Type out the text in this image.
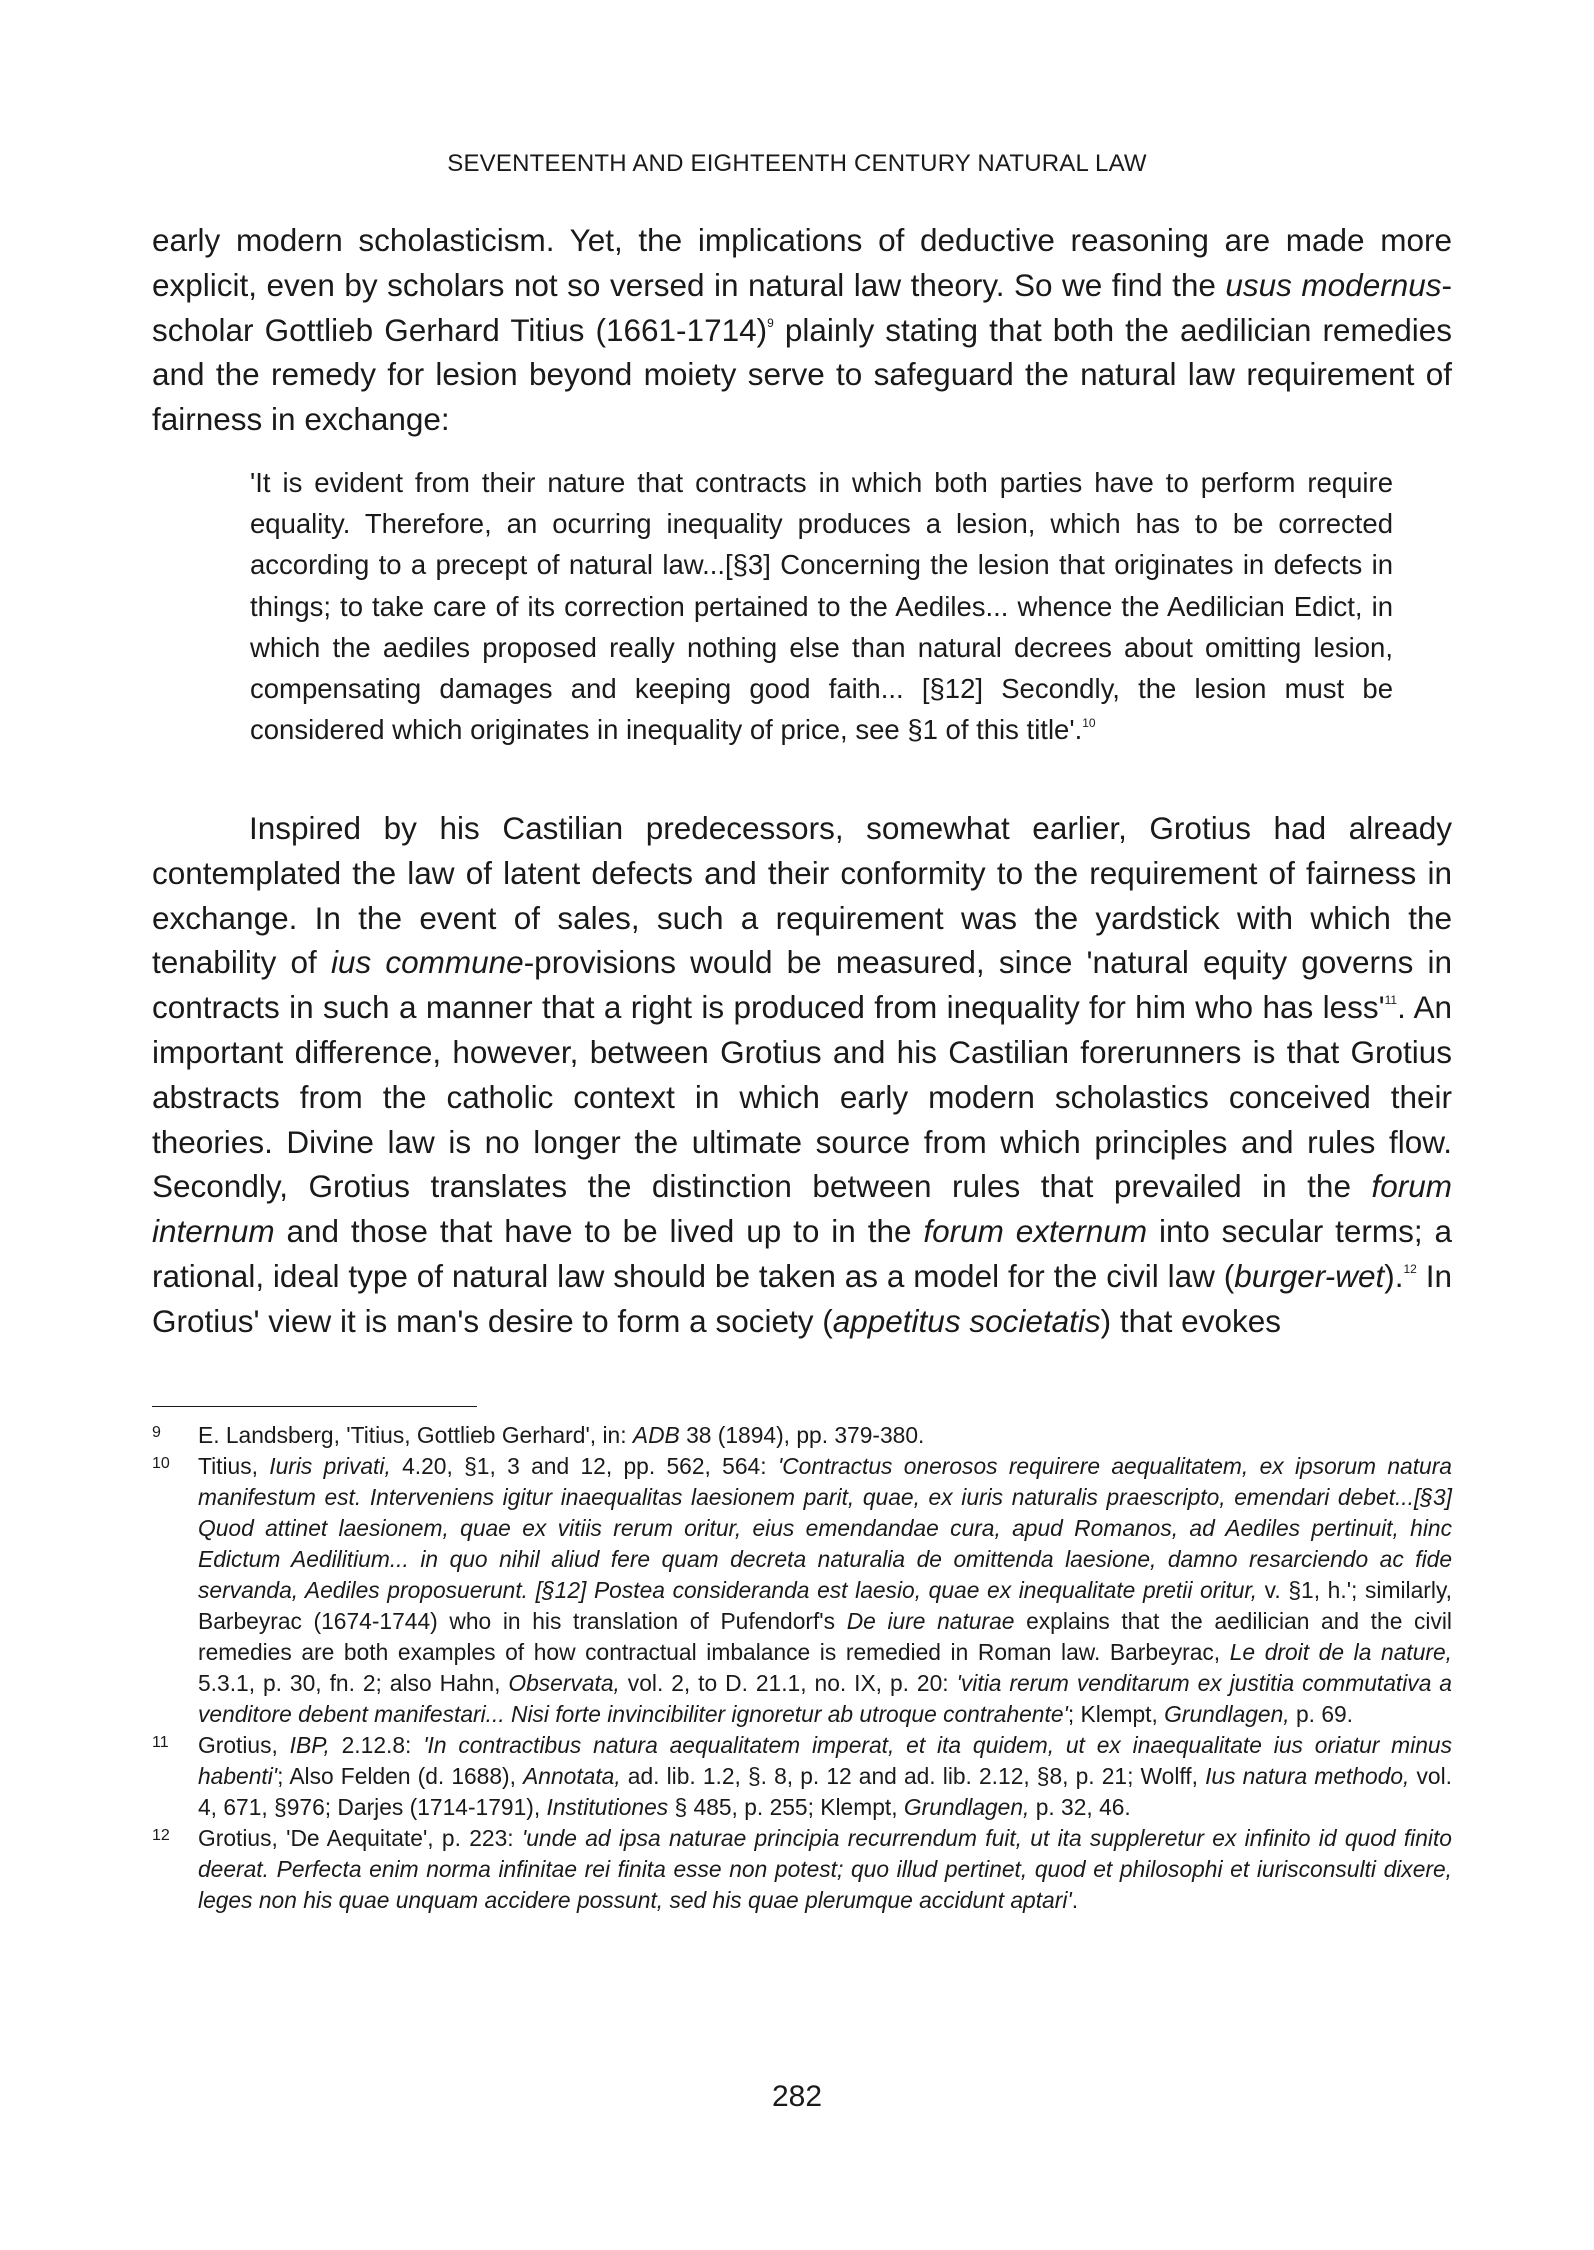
SEVENTEENTH AND EIGHTEENTH CENTURY NATURAL LAW
early modern scholasticism. Yet, the implications of deductive reasoning are made more explicit, even by scholars not so versed in natural law theory. So we find the usus modernus-scholar Gottlieb Gerhard Titius (1661-1714)$^9$ plainly stating that both the aedilician remedies and the remedy for lesion beyond moiety serve to safeguard the natural law requirement of fairness in exchange:
'It is evident from their nature that contracts in which both parties have to perform require equality. Therefore, an ocurring inequality produces a lesion, which has to be corrected according to a precept of natural law...[§3] Concerning the lesion that originates in defects in things; to take care of its correction pertained to the Aediles... whence the Aedilician Edict, in which the aediles proposed really nothing else than natural decrees about omitting lesion, compensating damages and keeping good faith... [§12] Secondly, the lesion must be considered which originates in inequality of price, see §1 of this title'.$^{10}$
Inspired by his Castilian predecessors, somewhat earlier, Grotius had already contemplated the law of latent defects and their conformity to the requirement of fairness in exchange. In the event of sales, such a requirement was the yardstick with which the tenability of ius commune-provisions would be measured, since 'natural equity governs in contracts in such a manner that a right is produced from inequality for him who has $less'^{11}$. An important difference, however, between Grotius and his Castilian forerunners is that Grotius abstracts from the catholic context in which early modern scholastics conceived their theories. Divine law is no longer the ultimate source from which principles and rules flow. Secondly, Grotius translates the distinction between rules that prevailed in the forum internum and those that have to be lived up to in the forum externum into secular terms; a rational, ideal type of natural law should be taken as a model for the civil law (burger-wet).$^{12}$ In Grotius' view it is man's desire to form a society (appetitus societatis) that evokes

9 E. Landsberg, 'Titius, Gottlieb Gerhard', in: ADB 38 (1894), pp. 379-380.

10 Titius, Iuris privati, 4.20, §1, 3 and 12, pp. 562, 564: 'Contractus onerosos requirere aequalitatem, ex ipsorum natura manifestum est. Interveniens igitur inaequalitas laesionem parit, quae, ex iuris naturalis praescripto, emendari debet...[§3] Quod attinet laesionem, quae ex vitiis rerum oritur, eius emendandae cura, apud Romanos, ad Aediles pertinuit, hinc Edictum Aedilitium... in quo nihil aliud fere quam decreta naturalia de omittenda laesione, damno resarciendo ac fide servanda, Aediles proposuerunt. [§12] Postea consideranda est laesio, quae ex inequalitate pretii oritur, v. §1, h.'; similarly, Barbeyrac (1674-1744) who in his translation of Pufendorf's De iure naturae explains that the aedilician and the civil remedies are both examples of how contractual imbalance is remedied in Roman law. Barbeyrac, Le droit de la nature, 5.3.1, p. 30, fn. 2; also Hahn, Observata, vol. 2, to D. 21.1, no. IX, p. 20: 'vitia rerum venditarum ex justitia commutativa a venditore debent manifestari... Nisi forte invincibiliter ignoretur ab utroque contrahente'; Klempt, Grundlagen, p. 69.

11 Grotius, IBP, 2.12.8: 'In contractibus natura aequalitatem imperat, et ita quidem, ut ex inaequalitate ius oriatur minus habenti'; Also Felden (d. 1688), Annotata, ad. lib. 1.2, §. 8, p. 12 and ad. lib. 2.12, §8, p. 21; Wolff, Ius natura methodo, vol. 4, 671, §976; Darjes (1714-1791), Institutiones § 485, p. 255; Klempt, Grundlagen, p. 32, 46.

12 Grotius, 'De Aequitate', p. 223: 'unde ad ipsa naturae principia recurrendum fuit, ut ita suppleretur ex infinito id quod finito deerat. Perfecta enim norma infinitae rei finita esse non potest; quo illud pertinet, quod et philosophi et iurisconsulti dixere, leges non his quae unquam accidere possunt, sed his quae plerumque accidunt aptari'.

282
